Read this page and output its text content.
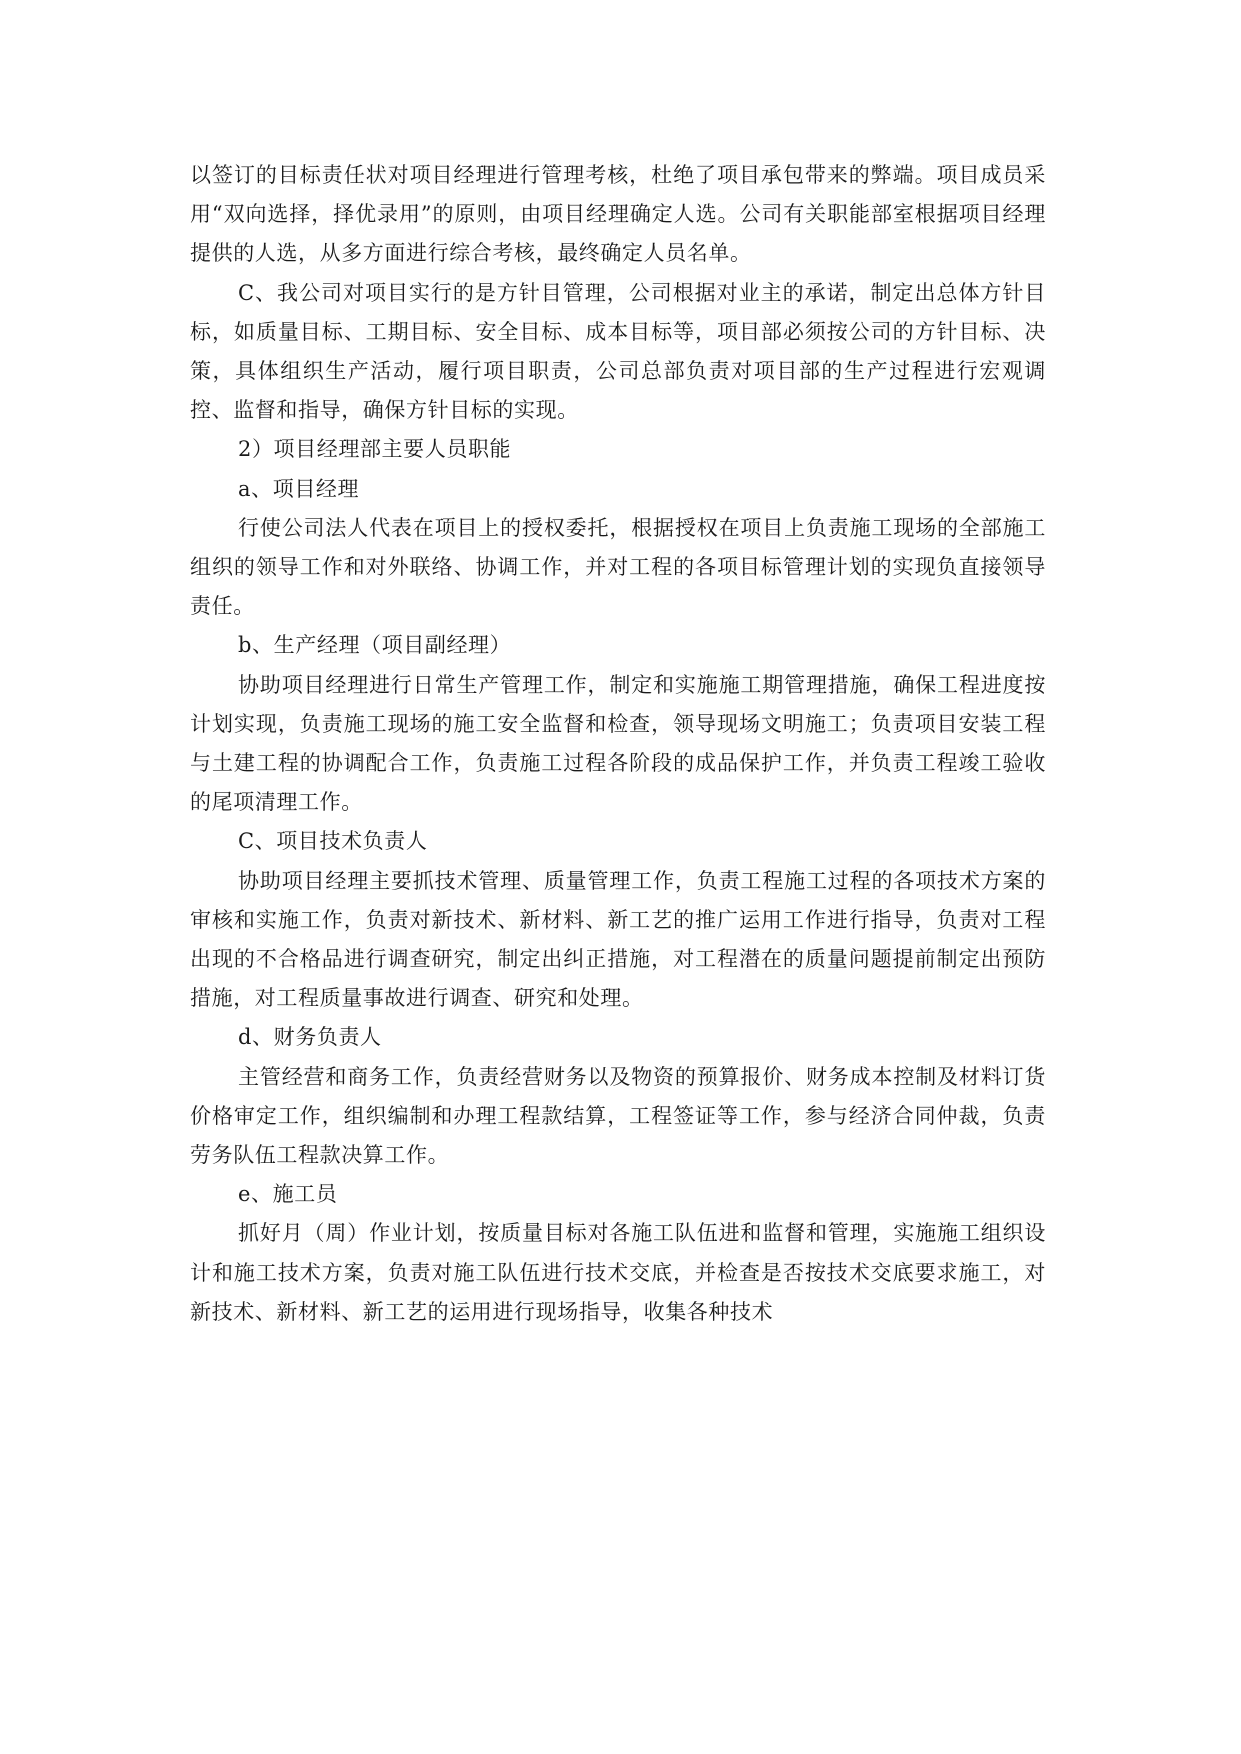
以签订的目标责任状对项目经理进行管理考核，杜绝了项目承包带来的弊端。项目成员采用“双向选择，择优录用”的原则，由项目经理确定人选。公司有关职能部室根据项目经理提供的人选，从多方面进行综合考核，最终确定人员名单。

C、我公司对项目实行的是方针目管理，公司根据对业主的承诺，制定出总体方针目标，如质量目标、工期目标、安全目标、成本目标等，项目部必须按公司的方针目标、决策，具体组织生产活动，履行项目职责，公司总部负责对项目部的生产过程进行宏观调控、监督和指导，确保方针目标的实现。

2）项目经理部主要人员职能

a、项目经理

行使公司法人代表在项目上的授权委托，根据授权在项目上负责施工现场的全部施工组织的领导工作和对外联络、协调工作，并对工程的各项目标管理计划的实现负直接领导责任。

b、生产经理（项目副经理）

协助项目经理进行日常生产管理工作，制定和实施施工期管理措施，确保工程进度按计划实现，负责施工现场的施工安全监督和检查，领导现场文明施工；负责项目安装工程与土建工程的协调配合工作，负责施工过程各阶段的成品保护工作，并负责工程竣工验收的尾项清理工作。

C、项目技术负责人

协助项目经理主要抓技术管理、质量管理工作，负责工程施工过程的各项技术方案的审核和实施工作，负责对新技术、新材料、新工艺的推广运用工作进行指导，负责对工程出现的不合格品进行调查研究，制定出纠正措施，对工程潜在的质量问题提前制定出预防措施，对工程质量事故进行调查、研究和处理。

d、财务负责人

主管经营和商务工作，负责经营财务以及物资的预算报价、财务成本控制及材料订货价格审定工作，组织编制和办理工程款结算，工程签证等工作，参与经济合同仲裁，负责劳务队伍工程款决算工作。

e、施工员

抓好月（周）作业计划，按质量目标对各施工队伍进和监督和管理，实施施工组织设计和施工技术方案，负责对施工队伍进行技术交底，并检查是否按技术交底要求施工，对新技术、新材料、新工艺的运用进行现场指导，收集各种技术
